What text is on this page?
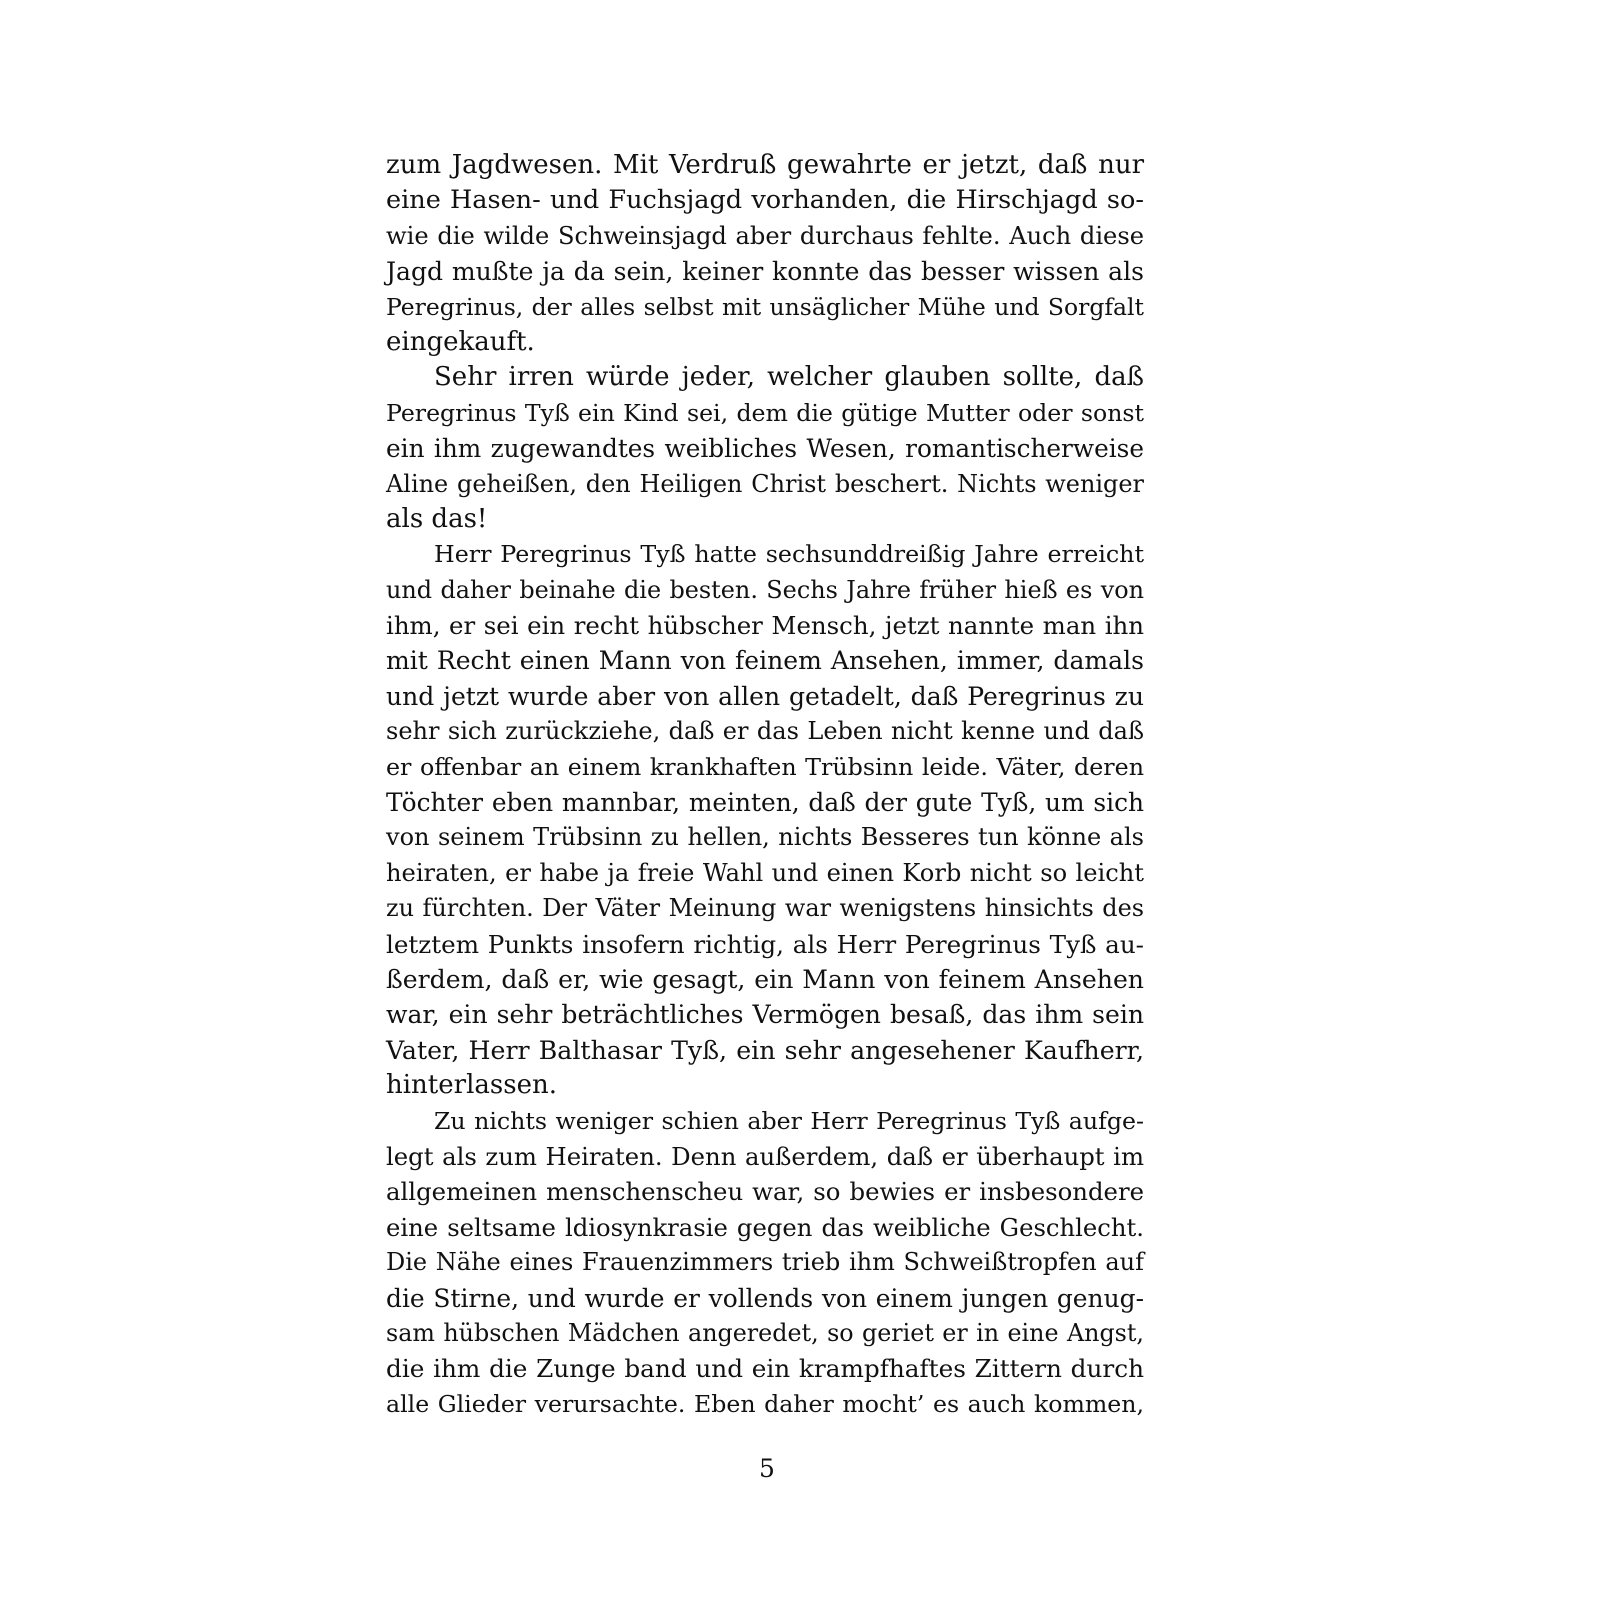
zum Jagdwesen. Mit Verdruß gewahrte er jetzt, daß nur
eine Hasen- und Fuchsjagd vorhanden, die Hirschjagd so-
wie die wilde Schweinsjagd aber durchaus fehlte. Auch diese
Jagd mußte ja da sein, keiner konnte das besser wissen als
Peregrinus, der alles selbst mit unsäglicher Mühe und Sorgfalt
eingekauft.
Sehr irren würde jeder, welcher glauben sollte, daß
Peregrinus Tyß ein Kind sei, dem die gütige Mutter oder sonst
ein ihm zugewandtes weibliches Wesen, romantischerweise
Aline geheißen, den Heiligen Christ beschert. Nichts weniger
als das!
Herr Peregrinus Tyß hatte sechsunddreißig Jahre erreicht
und daher beinahe die besten. Sechs Jahre früher hieß es von
ihm, er sei ein recht hübscher Mensch, jetzt nannte man ihn
mit Recht einen Mann von feinem Ansehen, immer, damals
und jetzt wurde aber von allen getadelt, daß Peregrinus zu
sehr sich zurückziehe, daß er das Leben nicht kenne und daß
er offenbar an einem krankhaften Trübsinn leide. Väter, deren
Töchter eben mannbar, meinten, daß der gute Tyß, um sich
von seinem Trübsinn zu hellen, nichts Besseres tun könne als
heiraten, er habe ja freie Wahl und einen Korb nicht so leicht
zu fürchten. Der Väter Meinung war wenigstens hinsichts des
letztem Punkts insofern richtig, als Herr Peregrinus Tyß au-
ßerdem, daß er, wie gesagt, ein Mann von feinem Ansehen
war, ein sehr beträchtliches Vermögen besaß, das ihm sein
Vater, Herr Balthasar Tyß, ein sehr angesehener Kaufherr,
hinterlassen.
Zu nichts weniger schien aber Herr Peregrinus Tyß aufge-
legt als zum Heiraten. Denn außerdem, daß er überhaupt im
allgemeinen menschenscheu war, so bewies er insbesondere
eine seltsame ldiosynkrasie gegen das weibliche Geschlecht.
Die Nähe eines Frauenzimmers trieb ihm Schweißtropfen auf
die Stirne, und wurde er vollends von einem jungen genug-
sam hübschen Mädchen angeredet, so geriet er in eine Angst,
die ihm die Zunge band und ein krampfhaftes Zittern durch
alle Glieder verursachte. Eben daher mocht’ es auch kommen,
5
